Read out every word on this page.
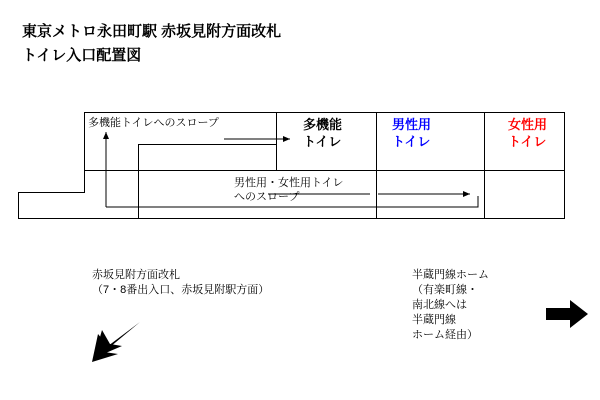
東京メトロ永田町駅 赤坂見附方面改札
トイレ入口配置図
多機能
トイレ
男性用
トイレ
女性用
トイレ
多機能トイレへのスロープ
男性用・女性用トイレ
へのスロープ
赤坂見附方面改札
（7・8番出入口、赤坂見附駅方面）
半蔵門線ホーム
（有楽町線・
南北線へは
半蔵門線
ホーム経由）
